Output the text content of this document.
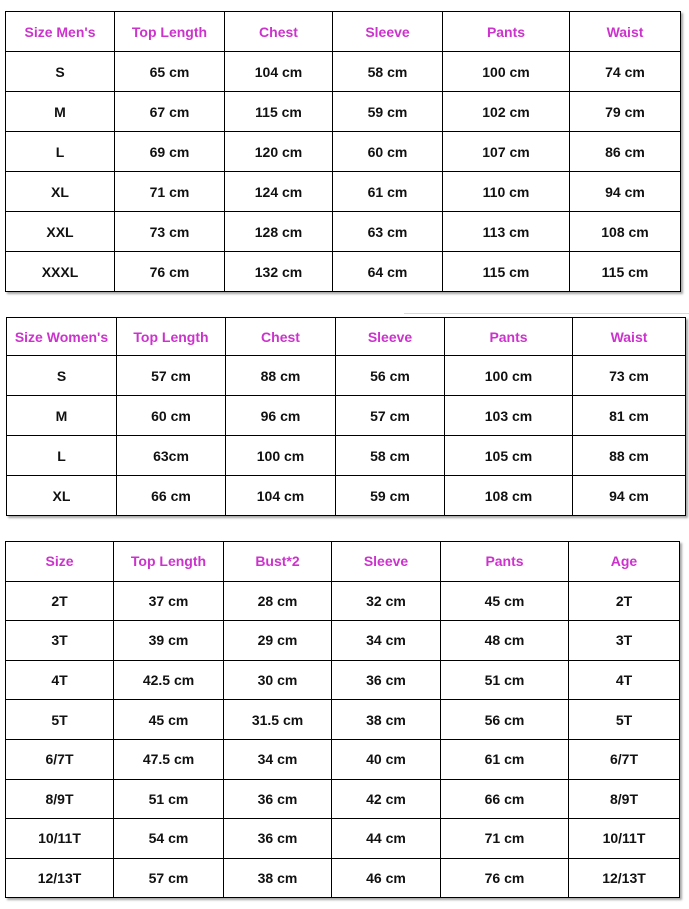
Size Men's	Top Length	Chest	Sleeve	Pants	Waist
S	65 cm	104 cm	58 cm	100 cm	74 cm
M	67 cm	115 cm	59 cm	102 cm	79 cm
L	69 cm	120 cm	60 cm	107 cm	86 cm
XL	71 cm	124 cm	61 cm	110 cm	94 cm
XXL	73 cm	128 cm	63 cm	113 cm	108 cm
XXXL	76 cm	132 cm	64 cm	115 cm	115 cm
Size Women's	Top Length	Chest	Sleeve	Pants	Waist
S	57 cm	88 cm	56 cm	100 cm	73 cm
M	60 cm	96 cm	57 cm	103 cm	81 cm
L	63cm	100 cm	58 cm	105 cm	88 cm
XL	66 cm	104 cm	59 cm	108 cm	94 cm
Size	Top Length	Bust*2	Sleeve	Pants	Age
2T	37 cm	28 cm	32 cm	45 cm	2T
3T	39 cm	29 cm	34 cm	48 cm	3T
4T	42.5 cm	30 cm	36 cm	51 cm	4T
5T	45 cm	31.5 cm	38 cm	56 cm	5T
6/7T	47.5 cm	34 cm	40 cm	61 cm	6/7T
8/9T	51 cm	36 cm	42 cm	66 cm	8/9T
10/11T	54 cm	36 cm	44 cm	71 cm	10/11T
12/13T	57 cm	38 cm	46 cm	76 cm	12/13T
